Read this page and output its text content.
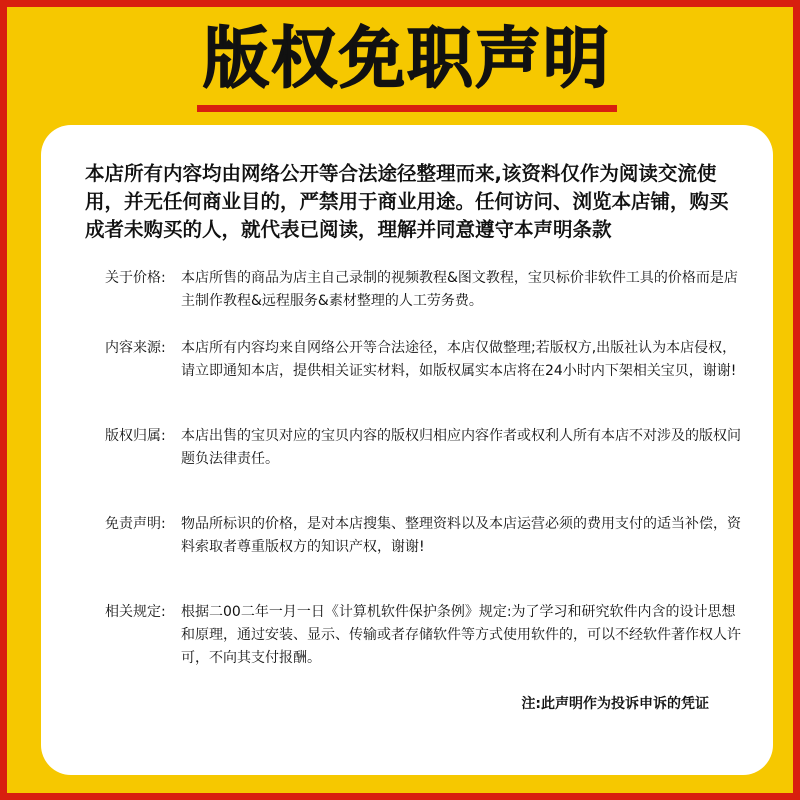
版权免职声明

本店所有内容均由网络公开等合法途径整理而来,该资料仅作为阅读交流使用，并无任何商业目的，严禁用于商业用途。任何访问、浏览本店铺，购买成者未购买的人，就代表已阅读，理解并同意遵守本声明条款

关于价格:	本店所售的商品为店主自己录制的视频教程&图文教程，宝贝标价非软件工具的价格而是店主制作教程&远程服务&素材整理的人工劳务费。
内容来源:	本店所有内容均来自网络公开等合法途径，本店仅做整理;若版权方,出版社认为本店侵权，请立即通知本店，提供相关证实材料，如版权属实本店将在24小时内下架相关宝贝，谢谢!
版权归属:	本店出售的宝贝对应的宝贝内容的版权归相应内容作者或权利人所有本店不对涉及的版权问题负法律责任。
免责声明:	物品所标识的价格，是对本店搜集、整理资料以及本店运营必须的费用支付的适当补偿，资料索取者尊重版权方的知识产权，谢谢!
相关规定:	根据二00二年一月一日《计算机软件保护条例》规定:为了学习和研究软件内含的设计思想和原理，通过安装、显示、传输或者存储软件等方式使用软件的，可以不经软件著作权人许可，不向其支付报酬。
注:此声明作为投诉申诉的凭证
